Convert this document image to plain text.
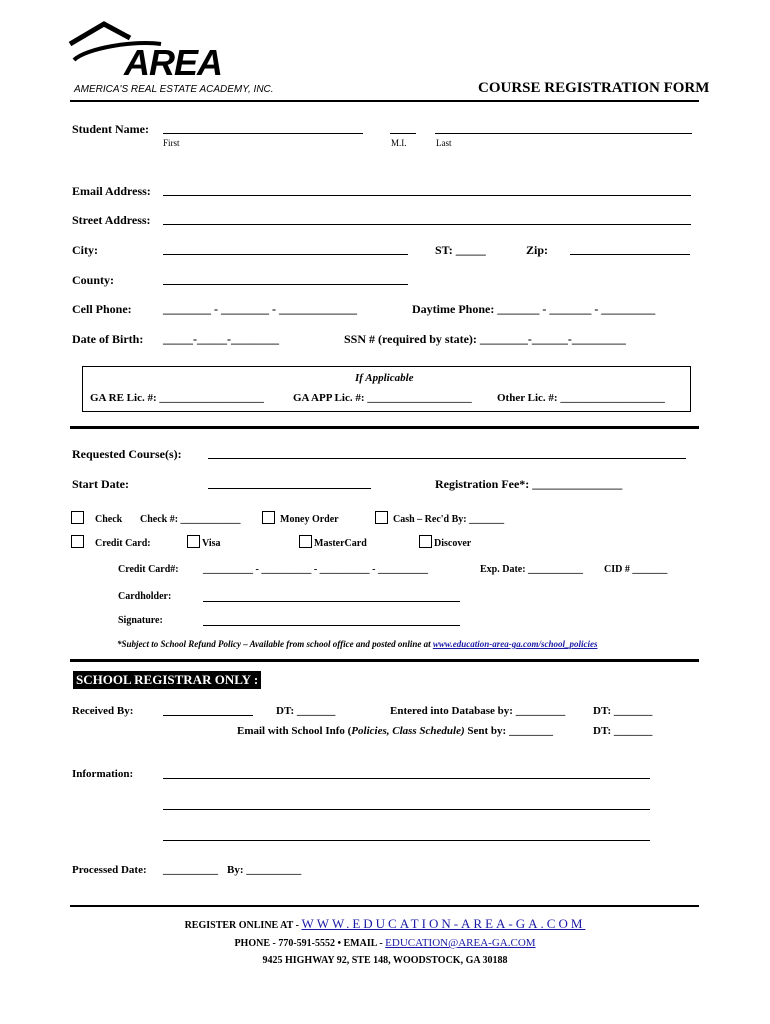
AREA
AMERICA'S REAL ESTATE ACADEMY, INC.	COURSE REGISTRATION FORM
Student Name:
First	M.I.	Last
Email Address:
Street Address:
City:	ST: _____	Zip:
County:
Cell Phone:	________ - ________ - _____________	Daytime Phone: _______ - _______ - _________
Date of Birth: _____-_____-________	SSN # (required by state): ________-______-_________
If Applicable
GA RE Lic. #: ___________________	GA APP Lic. #: ___________________ Other Lic. #: ___________________
Requested Course(s):
Start Date:	Registration Fee*: _______________
Check Check #: ____________	Money Order	Cash – Rec'd By: _______
Credit Card:	Visa	MasterCard	Discover
Credit Card#: __________ - __________ - __________ - __________	Exp. Date: ___________ CID # _______
Cardholder:
Signature:
*Subject to School Refund Policy – Available from school office and posted online at www.education-area-ga.com/school_policies
SCHOOL REGISTRAR ONLY :
Received By:	DT: _______	Entered into Database by: _________	DT: _______
Email with School Info (Policies, Class Schedule) Sent by: ________	DT: _______
Information:
Processed Date: __________ By: __________
REGISTER ONLINE AT - WWW.EDUCATION-AREA-GA.COM
PHONE - 770-591-5552 • EMAIL - EDUCATION@AREA-GA.COM
9425 HIGHWAY 92, STE 148, WOODSTOCK, GA 30188
